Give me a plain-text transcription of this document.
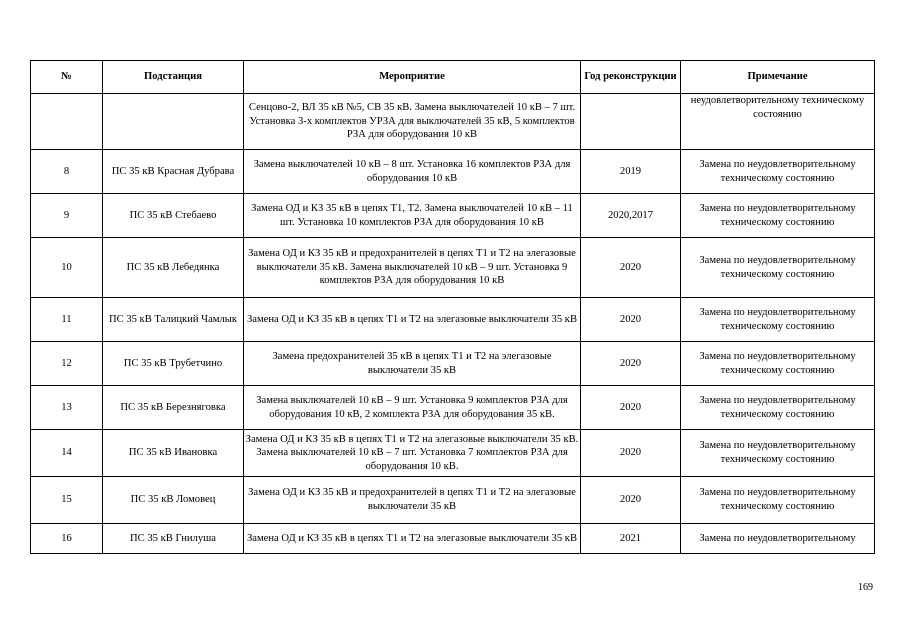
№	Подстанция	Мероприятие	Год реконструкции	Примечание
		Сенцово-2, ВЛ 35 кВ №5, СВ 35 кВ. Замена выключателей 10 кВ – 7 шт. Установка 3-х комплектов УРЗА для выключателей 35 кВ, 5 комплектов РЗА для оборудования 10 кВ		неудовлетворительному техническому состоянию
8	ПС 35 кВ Красная Дубрава	Замена выключателей 10 кВ – 8 шт. Установка 16 комплектов РЗА для оборудования 10 кВ	2019	Замена по неудовлетворительному техническому состоянию
9	ПС 35 кВ Стебаево	Замена ОД и КЗ 35 кВ в цепях Т1, Т2. Замена выключателей 10 кВ – 11 шт. Установка 10 комплектов РЗА для оборудования 10 кВ	2020,2017	Замена по неудовлетворительному техническому состоянию
10	ПС 35 кВ Лебедянка	Замена ОД и КЗ 35 кВ и предохранителей в цепях Т1 и Т2 на элегазовые выключатели 35 кВ. Замена выключателей 10 кВ – 9 шт. Установка 9 комплектов РЗА для оборудования 10 кВ	2020	Замена по неудовлетворительному техническому состоянию
11	ПС 35 кВ Талицкий Чамлык	Замена ОД и КЗ 35 кВ в цепях Т1 и Т2 на элегазовые выключатели 35 кВ	2020	Замена по неудовлетворительному техническому состоянию
12	ПС 35 кВ Трубетчино	Замена предохранителей 35 кВ в цепях Т1 и Т2 на элегазовые выключатели 35 кВ	2020	Замена по неудовлетворительному техническому состоянию
13	ПС 35 кВ Березняговка	Замена выключателей 10 кВ – 9 шт. Установка 9 комплектов РЗА для оборудования 10 кВ, 2 комплекта РЗА для оборудования 35 кВ.	2020	Замена по неудовлетворительному техническому состоянию
14	ПС 35 кВ Ивановка	Замена ОД и КЗ 35 кВ в цепях Т1 и Т2 на элегазовые выключатели 35 кВ. Замена выключателей 10 кВ – 7 шт. Установка 7 комплектов РЗА для оборудования 10 кВ.	2020	Замена по неудовлетворительному техническому состоянию
15	ПС 35 кВ Ломовец	Замена ОД и КЗ 35 кВ и предохранителей в цепях Т1 и Т2 на элегазовые выключатели 35 кВ	2020	Замена по неудовлетворительному техническому состоянию
16	ПС 35 кВ Гнилуша	Замена ОД и КЗ 35 кВ в цепях Т1 и Т2 на элегазовые выключатели 35 кВ	2021	Замена по неудовлетворительному
169
